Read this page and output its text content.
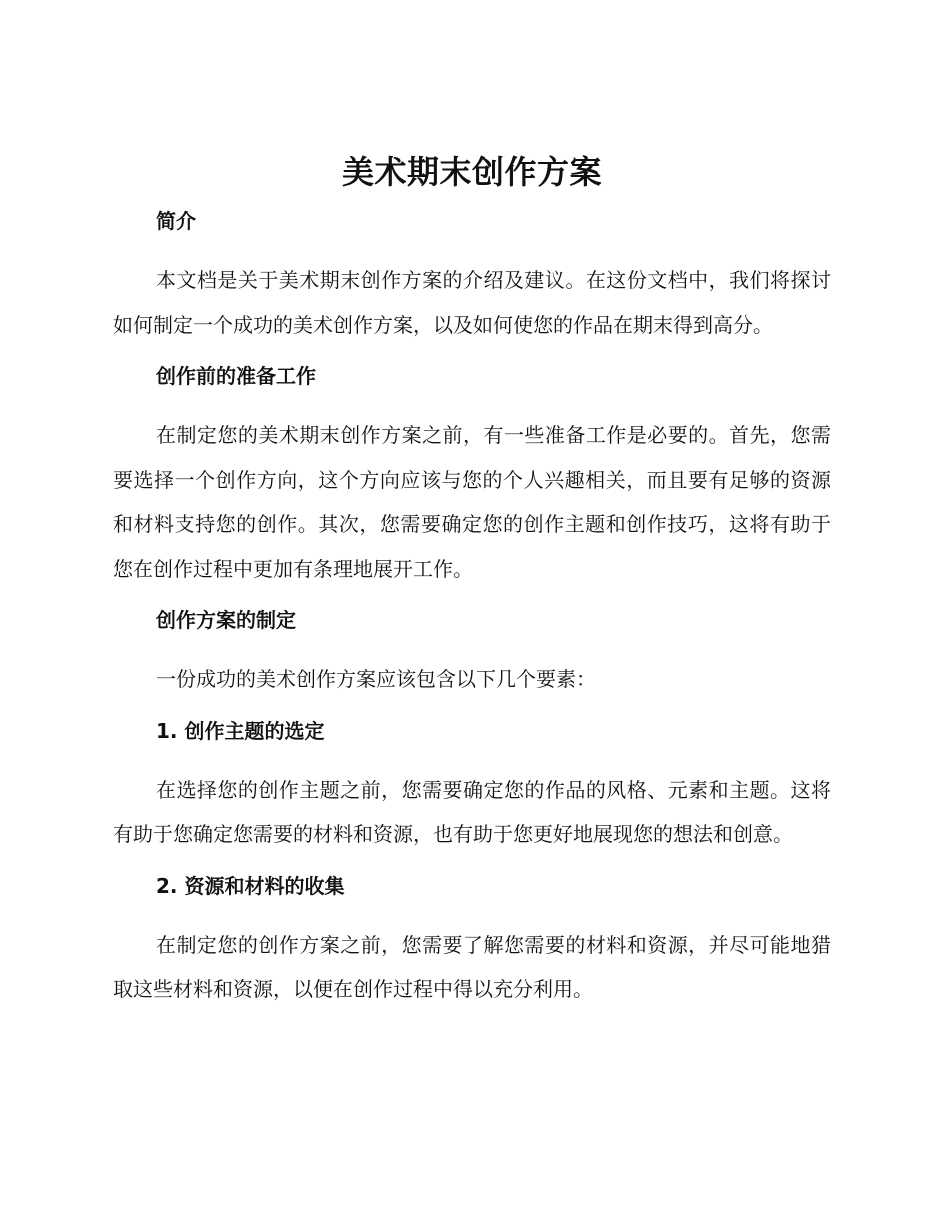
美术期末创作方案
简介

本文档是关于美术期末创作方案的介绍及建议。在这份文档中，我们将探讨如何制定一个成功的美术创作方案，以及如何使您的作品在期末得到高分。

创作前的准备工作

在制定您的美术期末创作方案之前，有一些准备工作是必要的。首先，您需要选择一个创作方向，这个方向应该与您的个人兴趣相关，而且要有足够的资源和材料支持您的创作。其次，您需要确定您的创作主题和创作技巧，这将有助于您在创作过程中更加有条理地展开工作。

创作方案的制定

一份成功的美术创作方案应该包含以下几个要素：

1. 创作主题的选定

在选择您的创作主题之前，您需要确定您的作品的风格、元素和主题。这将有助于您确定您需要的材料和资源，也有助于您更好地展现您的想法和创意。

2. 资源和材料的收集

在制定您的创作方案之前，您需要了解您需要的材料和资源，并尽可能地猎取这些材料和资源，以便在创作过程中得以充分利用。
